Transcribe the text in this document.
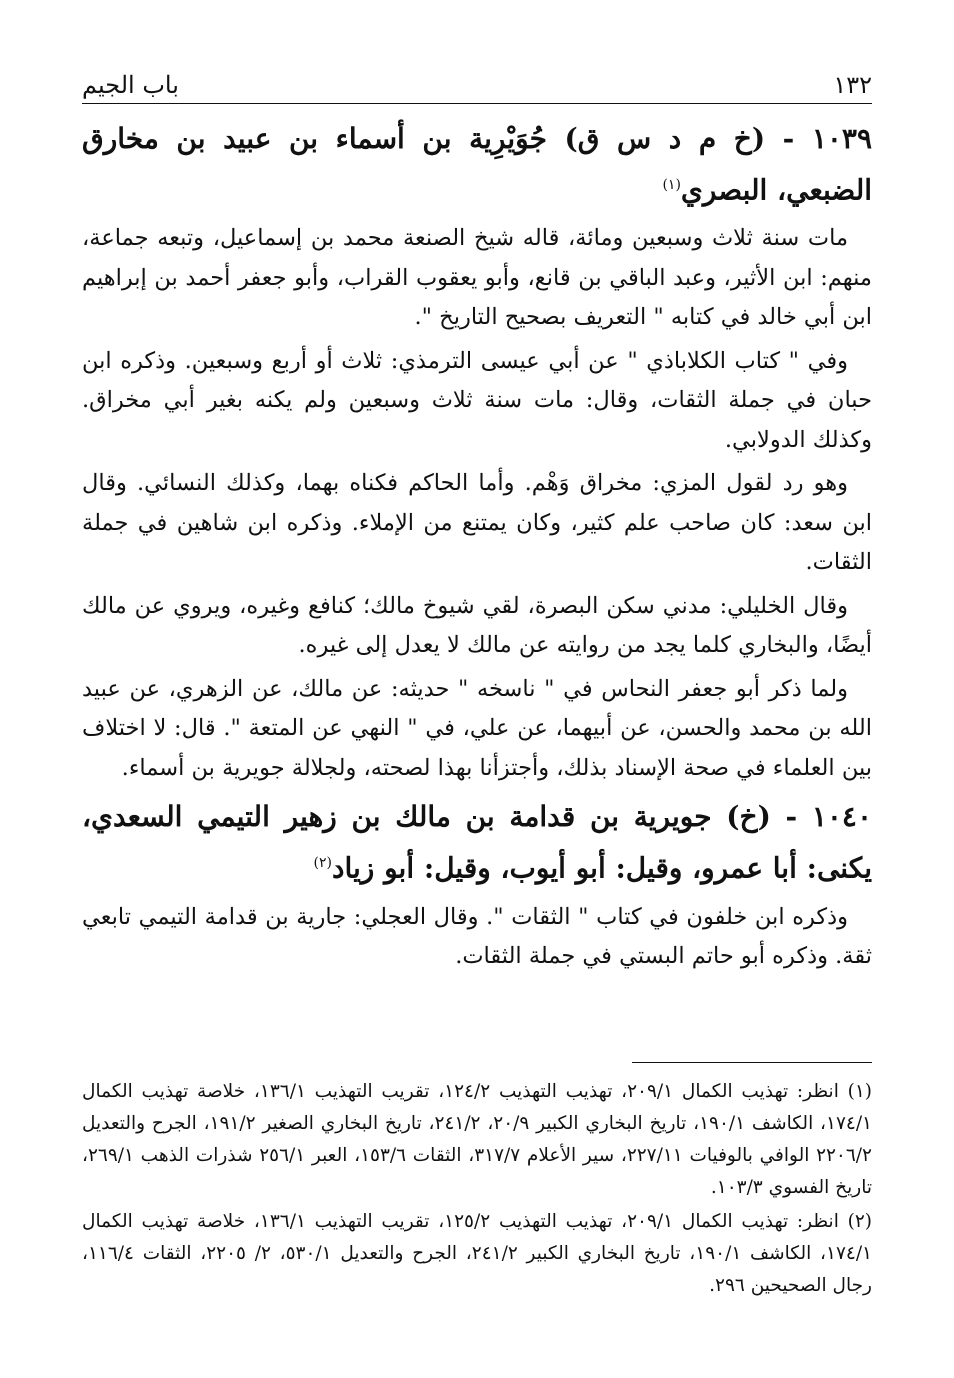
١٣٢
باب الجيم
١٠٣٩ - (خ م د س ق) جُوَيْرِية بن أسماء بن عبيد بن مخارق الضبعي، البصري$^{(١)}$

مات سنة ثلاث وسبعين ومائة، قاله شيخ الصنعة محمد بن إسماعيل، وتبعه جماعة، منهم: ابن الأثير، وعبد الباقي بن قانع، وأبو يعقوب القراب، وأبو جعفر أحمد بن إبراهيم ابن أبي خالد في كتابه " التعريف بصحيح التاريخ ".

وفي " كتاب الكلاباذي " عن أبي عيسى الترمذي: ثلاث أو أربع وسبعين. وذكره ابن حبان في جملة الثقات، وقال: مات سنة ثلاث وسبعين ولم يكنه بغير أبي مخراق. وكذلك الدولابي.

وهو رد لقول المزي: مخراق وَهْم. وأما الحاكم فكناه بهما، وكذلك النسائي. وقال ابن سعد: كان صاحب علم كثير، وكان يمتنع من الإملاء. وذكره ابن شاهين في جملة الثقات.

وقال الخليلي: مدني سكن البصرة، لقي شيوخ مالك؛ كنافع وغيره، ويروي عن مالك أيضًا، والبخاري كلما يجد من روايته عن مالك لا يعدل إلى غيره.

ولما ذكر أبو جعفر النحاس في " ناسخه " حديثه: عن مالك، عن الزهري، عن عبيد الله بن محمد والحسن، عن أبيهما، عن علي، في " النهي عن المتعة ". قال: لا اختلاف بين العلماء في صحة الإسناد بذلك، وأجتزأنا بهذا لصحته، ولجلالة جويرية بن أسماء.

١٠٤٠ - (خ) جويرية بن قدامة بن مالك بن زهير التيمي السعدي، يكنى: أبا عمرو، وقيل: أبو أيوب، وقيل: أبو زياد$^{(٢)}$

وذكره ابن خلفون في كتاب " الثقات ". وقال العجلي: جارية بن قدامة التيمي تابعي ثقة. وذكره أبو حاتم البستي في جملة الثقات.

(١) انظر: تهذيب الكمال ٢٠٩/١، تهذيب التهذيب ١٢٤/٢، تقريب التهذيب ١٣٦/١، خلاصة تهذيب الكمال ١٧٤/١، الكاشف ١٩٠/١، تاريخ البخاري الكبير ٢٠/٩، ٢٤١/٢، تاريخ البخاري الصغير ١٩١/٢، الجرح والتعديل ٢٢٠٦/٢ الوافي بالوفيات ٢٢٧/١١، سير الأعلام ٣١٧/٧، الثقات ١٥٣/٦، العبر ٢٥٦/١ شذرات الذهب ٢٦٩/١، تاريخ الفسوي ١٠٣/٣.

(٢) انظر: تهذيب الكمال ٢٠٩/١، تهذيب التهذيب ١٢٥/٢، تقريب التهذيب ١٣٦/١، خلاصة تهذيب الكمال ١٧٤/١، الكاشف ١٩٠/١، تاريخ البخاري الكبير ٢٤١/٢، الجرح والتعديل ٥٣٠/١، ٢/ ٢٢٠٥، الثقات ١١٦/٤، رجال الصحيحين ٢٩٦.
